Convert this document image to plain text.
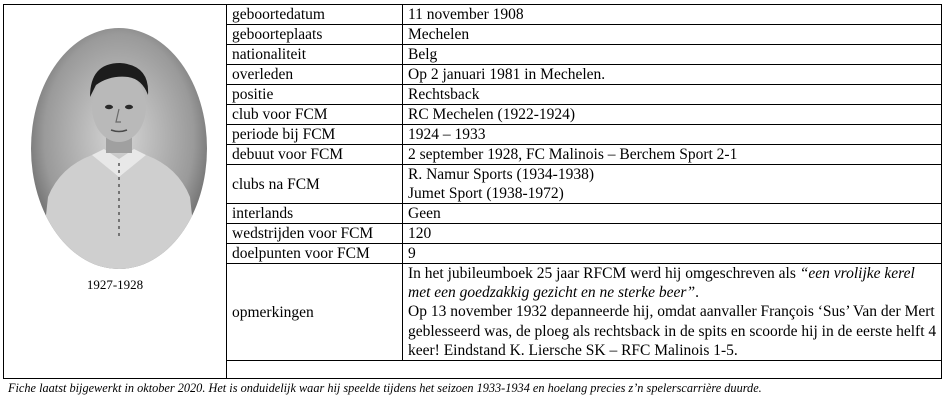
1927-1928
geboortedatum	11 november 1908
geboorteplaats	Mechelen
nationaliteit	Belg
overleden	Op 2 januari 1981 in Mechelen.
positie	Rechtsback
club voor FCM	RC Mechelen (1922-1924)
periode bij FCM	1924 – 1933
debuut voor FCM	2 september 1928, FC Malinois – Berchem Sport 2-1
clubs na FCM	R. Namur Sports (1934-1938)
Jumet Sport (1938-1972)

interlands	Geen
wedstrijden voor FCM	120
doelpunten voor FCM	9
opmerkingen	In het jubileumboek 25 jaar RFCM werd hij omgeschreven als “een vrolijke kerel met een goedzakkig gezicht en ne sterke beer”.
Op 13 november 1932 depanneerde hij, omdat aanvaller François ‘Sus’ Van der Mert geblesseerd was, de ploeg als rechtsback in de spits en scoorde hij in de eerste helft 4 keer! Eindstand K. Liersche SK – RFC Malinois 1-5.
Fiche laatst bijgewerkt in oktober 2020. Het is onduidelijk waar hij speelde tijdens het seizoen 1933-1934 en hoelang precies z’n spelerscarrière duurde.
